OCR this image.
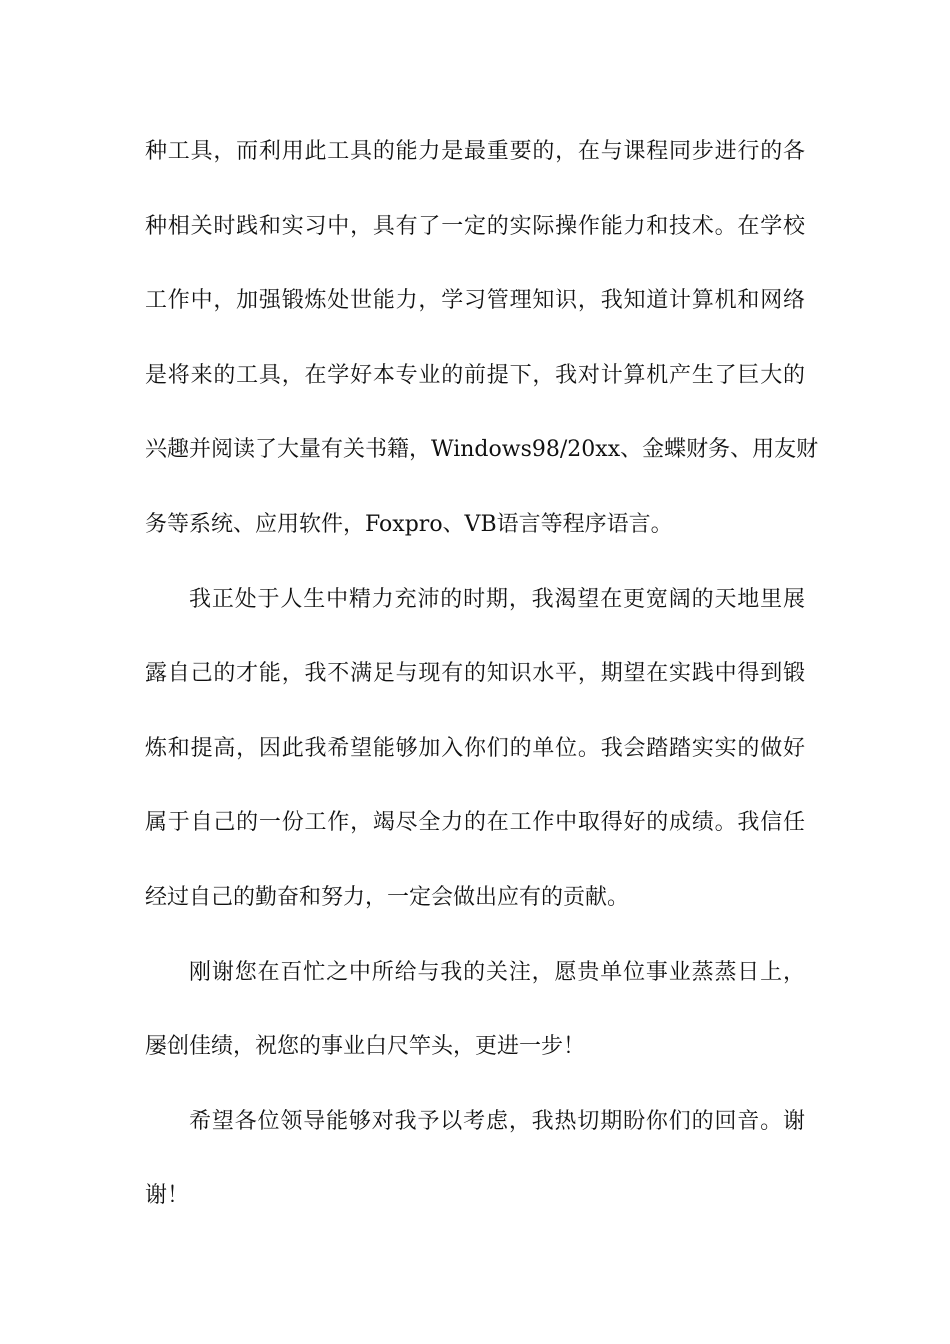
种工具，而利用此工具的能力是最重要的，在与课程同步进行的各
种相关时践和实习中，具有了一定的实际操作能力和技术。在学校
工作中，加强锻炼处世能力，学习管理知识，我知道计算机和网络
是将来的工具，在学好本专业的前提下，我对计算机产生了巨大的
兴趣并阅读了大量有关书籍，Windows98/20xx、金蝶财务、用友财
务等系统、应用软件，Foxpro、VB语言等程序语言。
我正处于人生中精力充沛的时期，我渴望在更宽阔的天地里展
露自己的才能，我不满足与现有的知识水平，期望在实践中得到锻
炼和提高，因此我希望能够加入你们的单位。我会踏踏实实的做好
属于自己的一份工作，竭尽全力的在工作中取得好的成绩。我信任
经过自己的勤奋和努力，一定会做出应有的贡献。
刚谢您在百忙之中所给与我的关注，愿贵单位事业蒸蒸日上，
屡创佳绩，祝您的事业白尺竿头，更进一步！
希望各位领导能够对我予以考虑，我热切期盼你们的回音。谢
谢！
